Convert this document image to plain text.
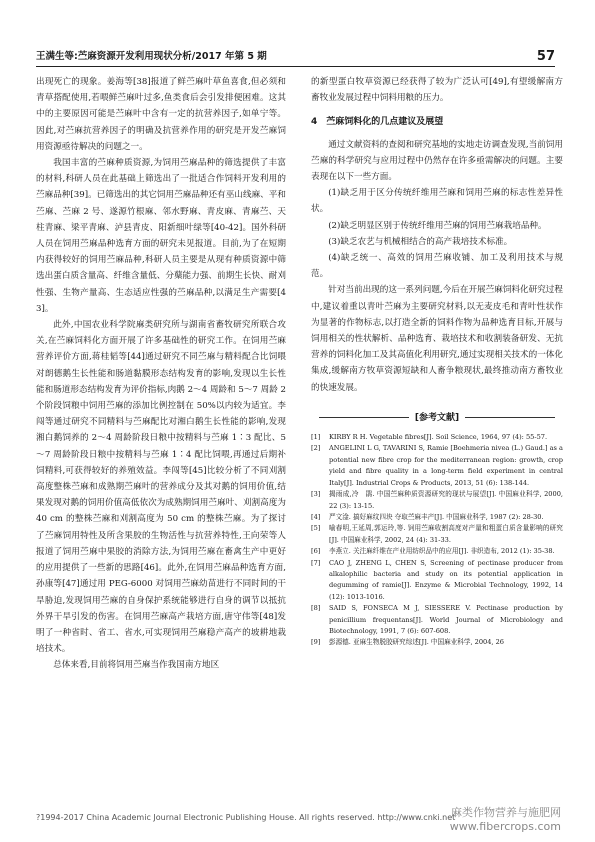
王满生等:苎麻资源开发利用现状分析/2017 年第 5 期	57

出现死亡的现象。姜海等[38]报道了鲜苎麻叶草鱼喜食,但必须和青草搭配使用,若喂鲜苎麻叶过多,鱼类食后会引发排便困难。这其中的主要原因可能是苎麻叶中含有一定的抗营养因子,如单宁等。因此,对苎麻抗营养因子的明确及抗营养作用的研究是开发苎麻饲用资源亟待解决的问题之一。

我国丰富的苎麻种质资源,为饲用苎麻品种的筛选提供了丰富的材料,科研人员在此基础上筛选出了一批适合作饲料开发利用的苎麻品种[39]。已筛选出的其它饲用苎麻品种还有巫山线麻、平和苎麻、苎麻 2 号、遂源竹根麻、邻水野麻、青皮麻、青麻苎、天柱青麻、梁平青麻、泸县青皮、阳新细叶绿等[40-42]。国外科研人员在饲用苎麻品种选育方面的研究未见报道。目前,为了在短期内获得较好的饲用苎麻品种,科研人员主要是从现有种质资源中筛选出蛋白质含量高、纤维含量低、分蘖能力强、前期生长快、耐刈性强、生物产量高、生态适应性强的苎麻品种,以满足生产需要[43]。

此外,中国农业科学院麻类研究所与湖南省畜牧研究所联合攻关,在苎麻饲料化方面开展了许多基础性的研究工作。在饲用苎麻营养评价方面,蒋桂韬等[44]通过研究不同苎麻与精料配合比饲喂对朗德鹅生长性能和肠道黏膜形态结构发育的影响,发现以生长性能和肠道形态结构发育为评价指标,肉鹅 2～4 周龄和 5～7 周龄 2 个阶段饲粮中饲用苎麻的添加比例控制在 50%以内较为适宜。李闯等通过研究不同精料与苎麻配比对湘白鹅生长性能的影响,发现湘白鹅饲养的 2～4 周龄阶段日粮中按精料与苎麻 1∶3 配比、5～7 周龄阶段日粮中按精料与苎麻 1∶4 配比饲喂,再通过后期补饲精料,可获得较好的养殖效益。李闯等[45]比较分析了不同刈割高度整株苎麻和成熟期苎麻叶的营养成分及其对鹅的饲用价值,结果发现对鹅的饲用价值高低依次为成熟期饲用苎麻叶、刈割高度为 40 cm 的整株苎麻和刈割高度为 50 cm 的整株苎麻。为了探讨了苎麻饲用特性及所含果胶的生物活性与抗营养特性,王向荣等人报道了饲用苎麻中果胶的消除方法,为饲用苎麻在畜禽生产中更好的应用提供了一些新的思路[46]。此外,在饲用苎麻品种选育方面,孙康等[47]通过用 PEG-6000 对饲用苎麻幼苗进行不同时间的干旱胁迫,发现饲用苎麻的自身保护系统能够进行自身的调节以抵抗外界干旱引发的伤害。在饲用苎麻高产栽培方面,唐守伟等[48]发明了一种省时、省工、省水,可实现饲用苎麻稳产高产的坡耕地栽培技术。

总体来看,目前将饲用苎麻当作我国南方地区

的新型蛋白牧草资源已经获得了较为广泛认可[49],有望缓解南方畜牧业发展过程中饲料用粮的压力。

4　苎麻饲料化的几点建议及展望

通过文献资料的查阅和研究基地的实地走访调查发现,当前饲用苎麻的科学研究与应用过程中仍然存在许多亟需解决的问题。主要表现在以下一些方面。

(1)缺乏用于区分传统纤维用苎麻和饲用苎麻的标志性差异性状。

(2)缺乏明显区别于传统纤维用苎麻的饲用苎麻栽培品种。

(3)缺乏农艺与机械相结合的高产栽培技术标准。

(4)缺乏统一、高效的饲用苎麻收铺、加工及利用技术与规范。

针对当前出现的这一系列问题,今后在开展苎麻饲料化研究过程中,建议着重以青叶苎麻为主要研究材料,以无麦皮毛和青叶性状作为显著的作物标志,以打造全新的饲料作物为品种选育目标,开展与饲用相关的性状解析、品种选育、栽培技术和收割装备研发、无抗营养的饲料化加工及其高值化利用研究,通过实现相关技术的一体化集成,缓解南方牧草资源短缺和人畜争粮现状,最终推动南方畜牧业的快速发展。

[参考文献]
[1] KIRBY R H. Vegetable fibres[J]. Soil Science, 1964, 97 (4): 55-57.
[2] ANGELINI L G, TAVARINI S, Ramie [Boehmeria nivea (L.) Gaud.] as a potential new fibre crop for the mediterranean region: growth, crop yield and fibre quality in a long-term field experiment in central Italy[J]. Industrial Crops & Products, 2013, 51 (6): 138-144.
[3] 揭雨成,冷　鹃. 中国苎麻种质资源研究的现状与展望[J]. 中国麻业科学, 2000, 22 (3): 13-15.
[4] 严文淦. 搞好麻纹四块 夺取苎麻丰产[J]. 中国麻业科学, 1987 (2): 28-30.
[5] 喻春明,王延周,郭运玲,等. 饲用苎麻收割高度对产量和粗蛋白质含量影响的研究[J]. 中国麻业科学, 2002, 24 (4): 31-33.
[6] 李燕立. 关注麻纤维在产业用纺织品中的应用[J]. 非织造布, 2012 (1): 35-38.
[7] CAO J, ZHENG L, CHEN S, Screening of pectinase producer from alkalophilic bacteria and study on its potential application in degumming of ramie[J]. Enzyme & Microbial Technology, 1992, 14 (12): 1013-1016.
[8] SAID S, FONSECA M J, SIESSERE V. Pectinase production by penicillium frequentans[J]. World Journal of Microbiology and Biotechnology, 1991, 7 (6): 607-608.
[9] 彭源德. 亚麻生物脱胶研究综述[J]. 中国麻业科学, 2004, 26
?1994-2017 China Academic Journal Electronic Publishing House. All rights reserved. http://www.cnki.net
麻类作物营养与施肥网
www.fibercrops.com
